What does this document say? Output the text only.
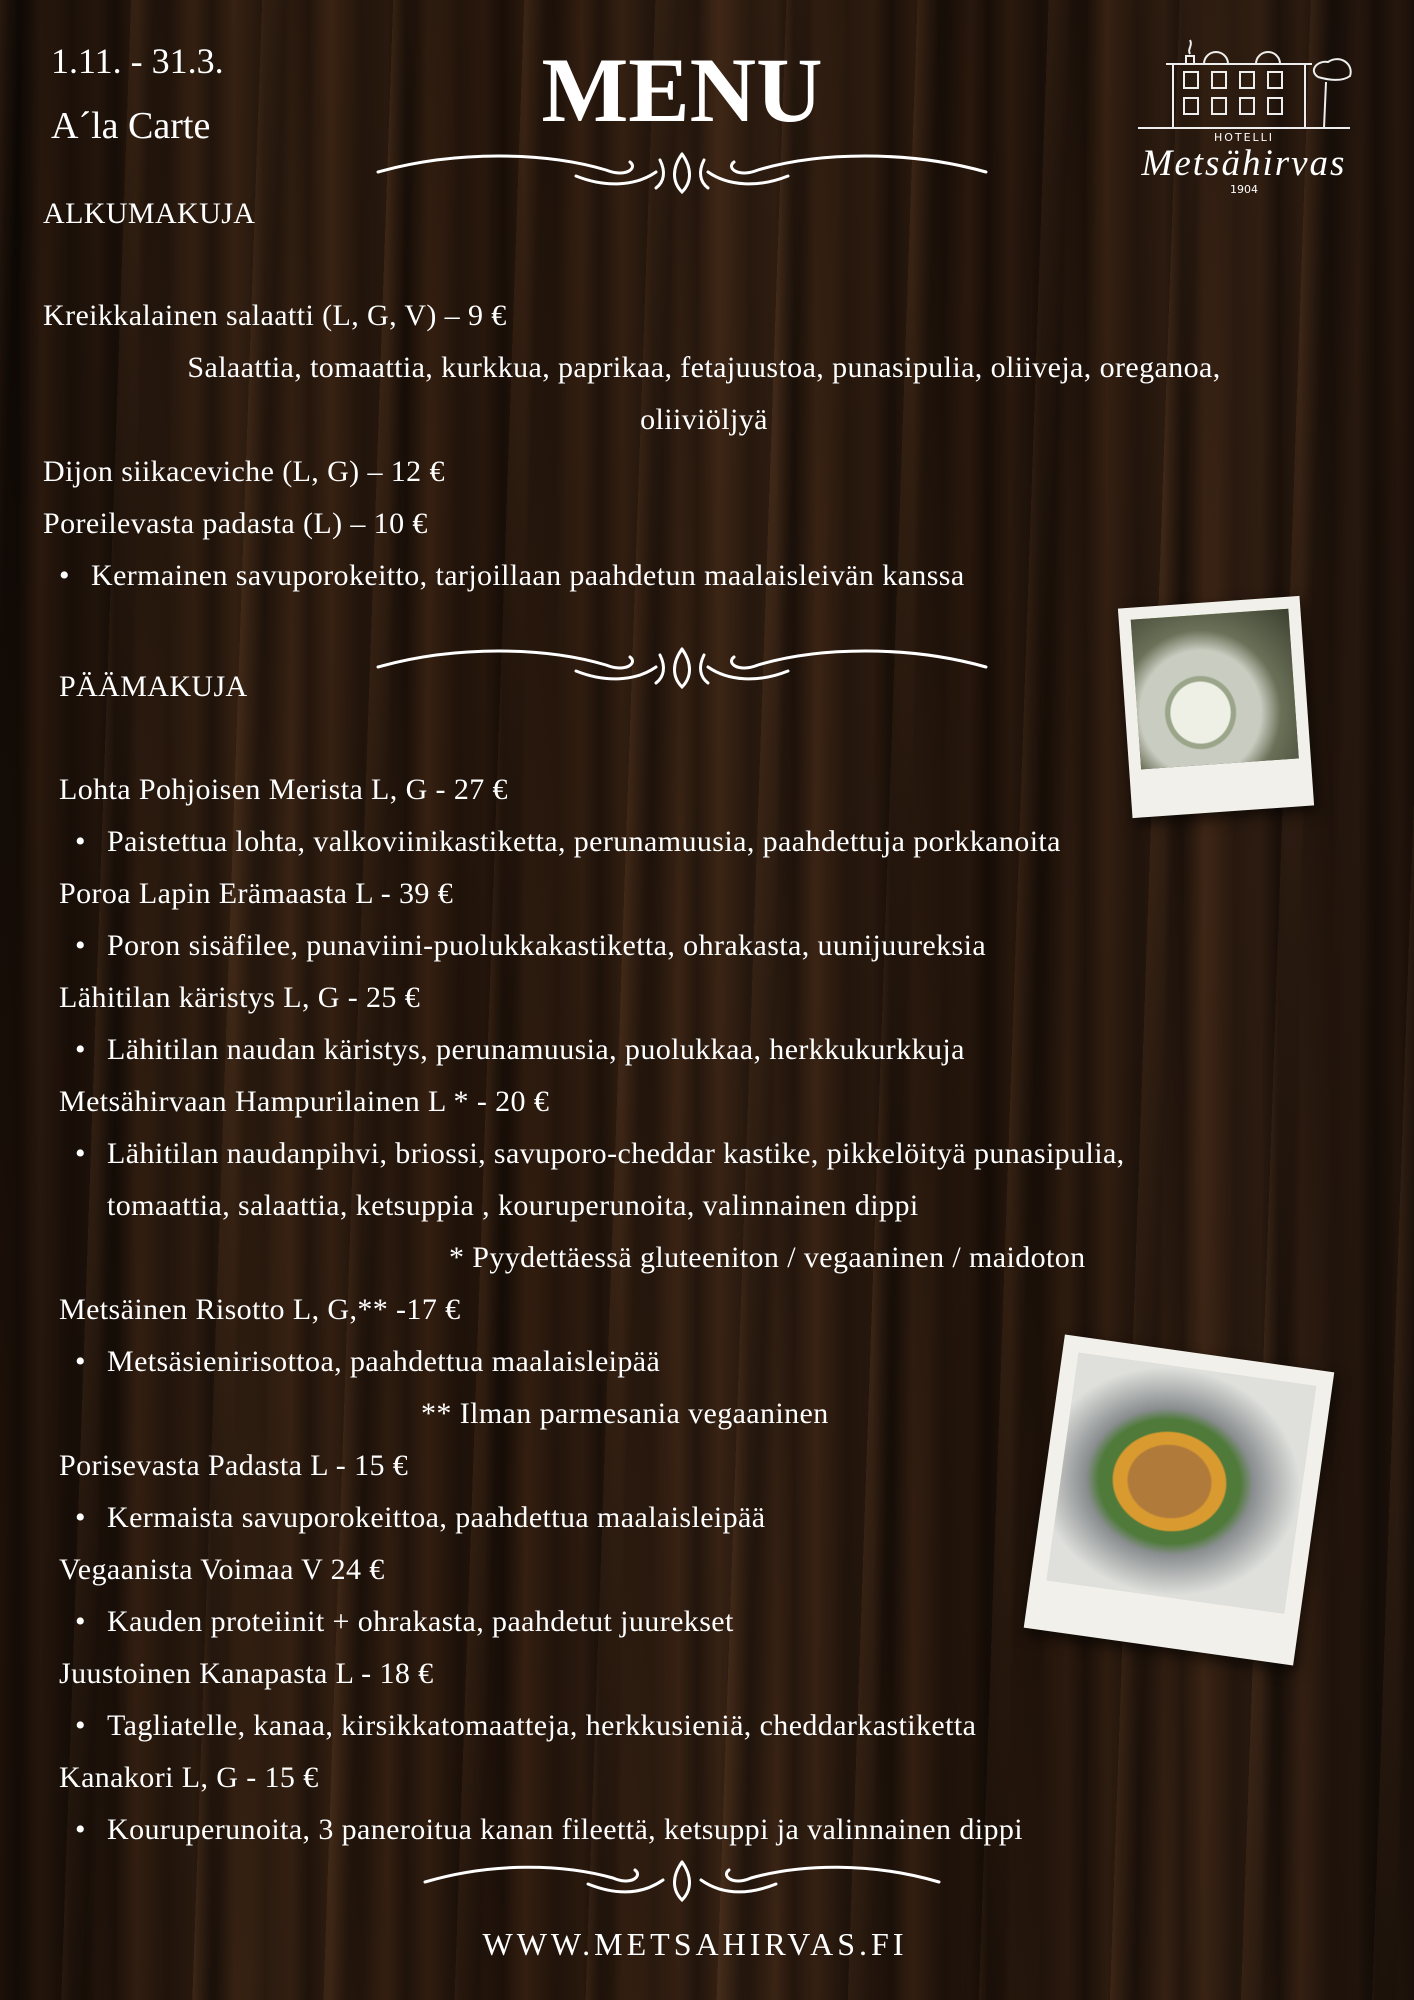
1.11. - 31.3.
A´la Carte	MENU	HOTELLI
Metsähirvas
1904
ALKUMAKUJA
Kreikkalainen salaatti (L, G, V) – 9 €
Salaattia, tomaattia, kurkkua, paprikaa, fetajuustoa, punasipulia, oliiveja, oreganoa,
oliiviöljyä
Dijon siikaceviche (L, G) – 12 €
Poreilevasta padasta (L) – 10 €
• Kermainen savuporokeitto, tarjoillaan paahdetun maalaisleivän kanssa
PÄÄMAKUJA
Lohta Pohjoisen Merista L, G - 27 €
• Paistettua lohta, valkoviinikastiketta, perunamuusia, paahdettuja porkkanoita
Poroa Lapin Erämaasta L - 39 €
• Poron sisäfilee, punaviini-puolukkakastiketta, ohrakasta, uunijuureksia
Lähitilan käristys L, G - 25 €
• Lähitilan naudan käristys, perunamuusia, puolukkaa, herkkukurkkuja
Metsähirvaan Hampurilainen L * - 20 €
• Lähitilan naudanpihvi, briossi, savuporo-cheddar kastike, pikkelöityä punasipulia,
tomaattia, salaattia, ketsuppia , kouruperunoita, valinnainen dippi
* Pyydettäessä gluteeniton / vegaaninen / maidoton
Metsäinen Risotto L, G,** -17 €
• Metsäsienirisottoa, paahdettua maalaisleipää
** Ilman parmesania vegaaninen
Porisevasta Padasta L - 15 €
• Kermaista savuporokeittoa, paahdettua maalaisleipää
Vegaanista Voimaa V 24 €
• Kauden proteiinit + ohrakasta, paahdetut juurekset
Juustoinen Kanapasta L - 18 €
• Tagliatelle, kanaa, kirsikkatomaatteja, herkkusieniä, cheddarkastiketta
Kanakori L, G - 15 €
• Kouruperunoita, 3 paneroitua kanan fileettä, ketsuppi ja valinnainen dippi
WWW.METSAHIRVAS.FI
